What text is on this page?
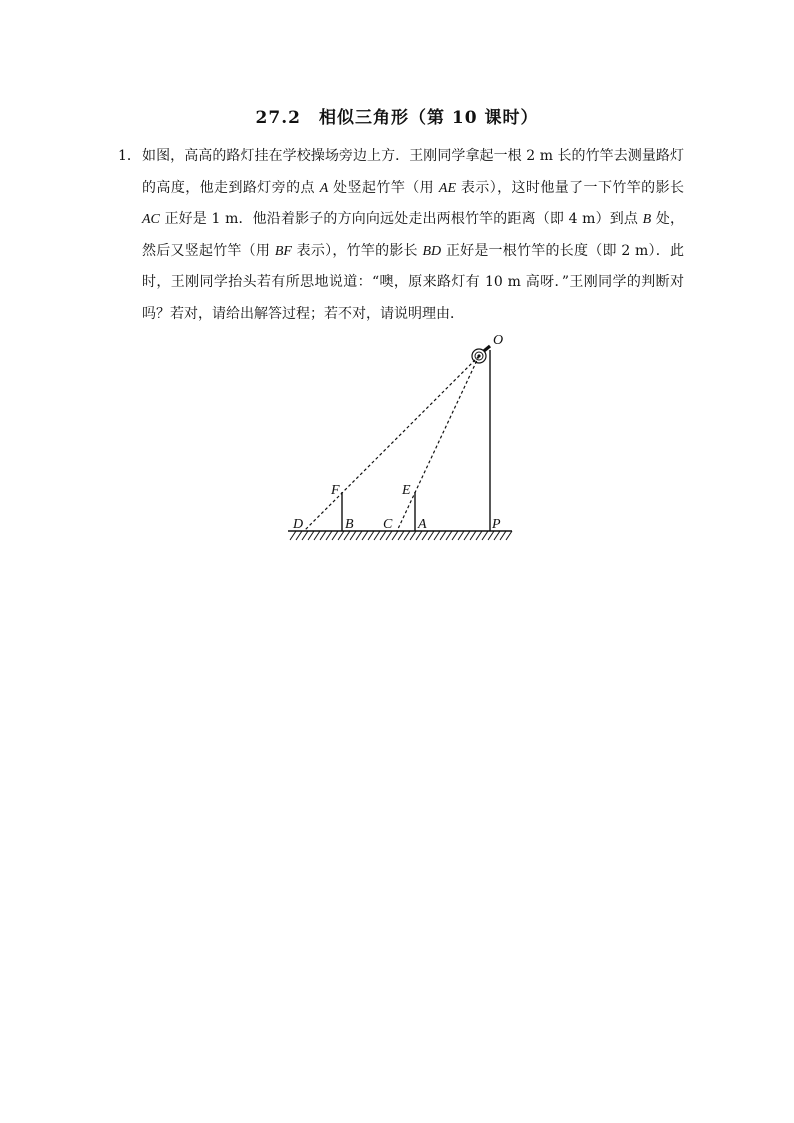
27.2　相似三角形（第 10 课时）
1． 如图，高高的路灯挂在学校操场旁边上方．王刚同学拿起一根 2 m 长的竹竿去测量路灯的高度，他走到路灯旁的点 A 处竖起竹竿（用 AE 表示），这时他量了一下竹竿的影长 AC 正好是 1 m．他沿着影子的方向向远处走出两根竹竿的距离（即 4 m）到点 B 处，然后又竖起竹竿（用 BF 表示），竹竿的影长 BD 正好是一根竹竿的长度（即 2 m）．此时，王刚同学抬头若有所思地说道：“噢，原来路灯有 10 m 高呀．”王刚同学的判断对吗？若对，请给出解答过程；若不对，请说明理由．
O
F	E
D	B C A	P
